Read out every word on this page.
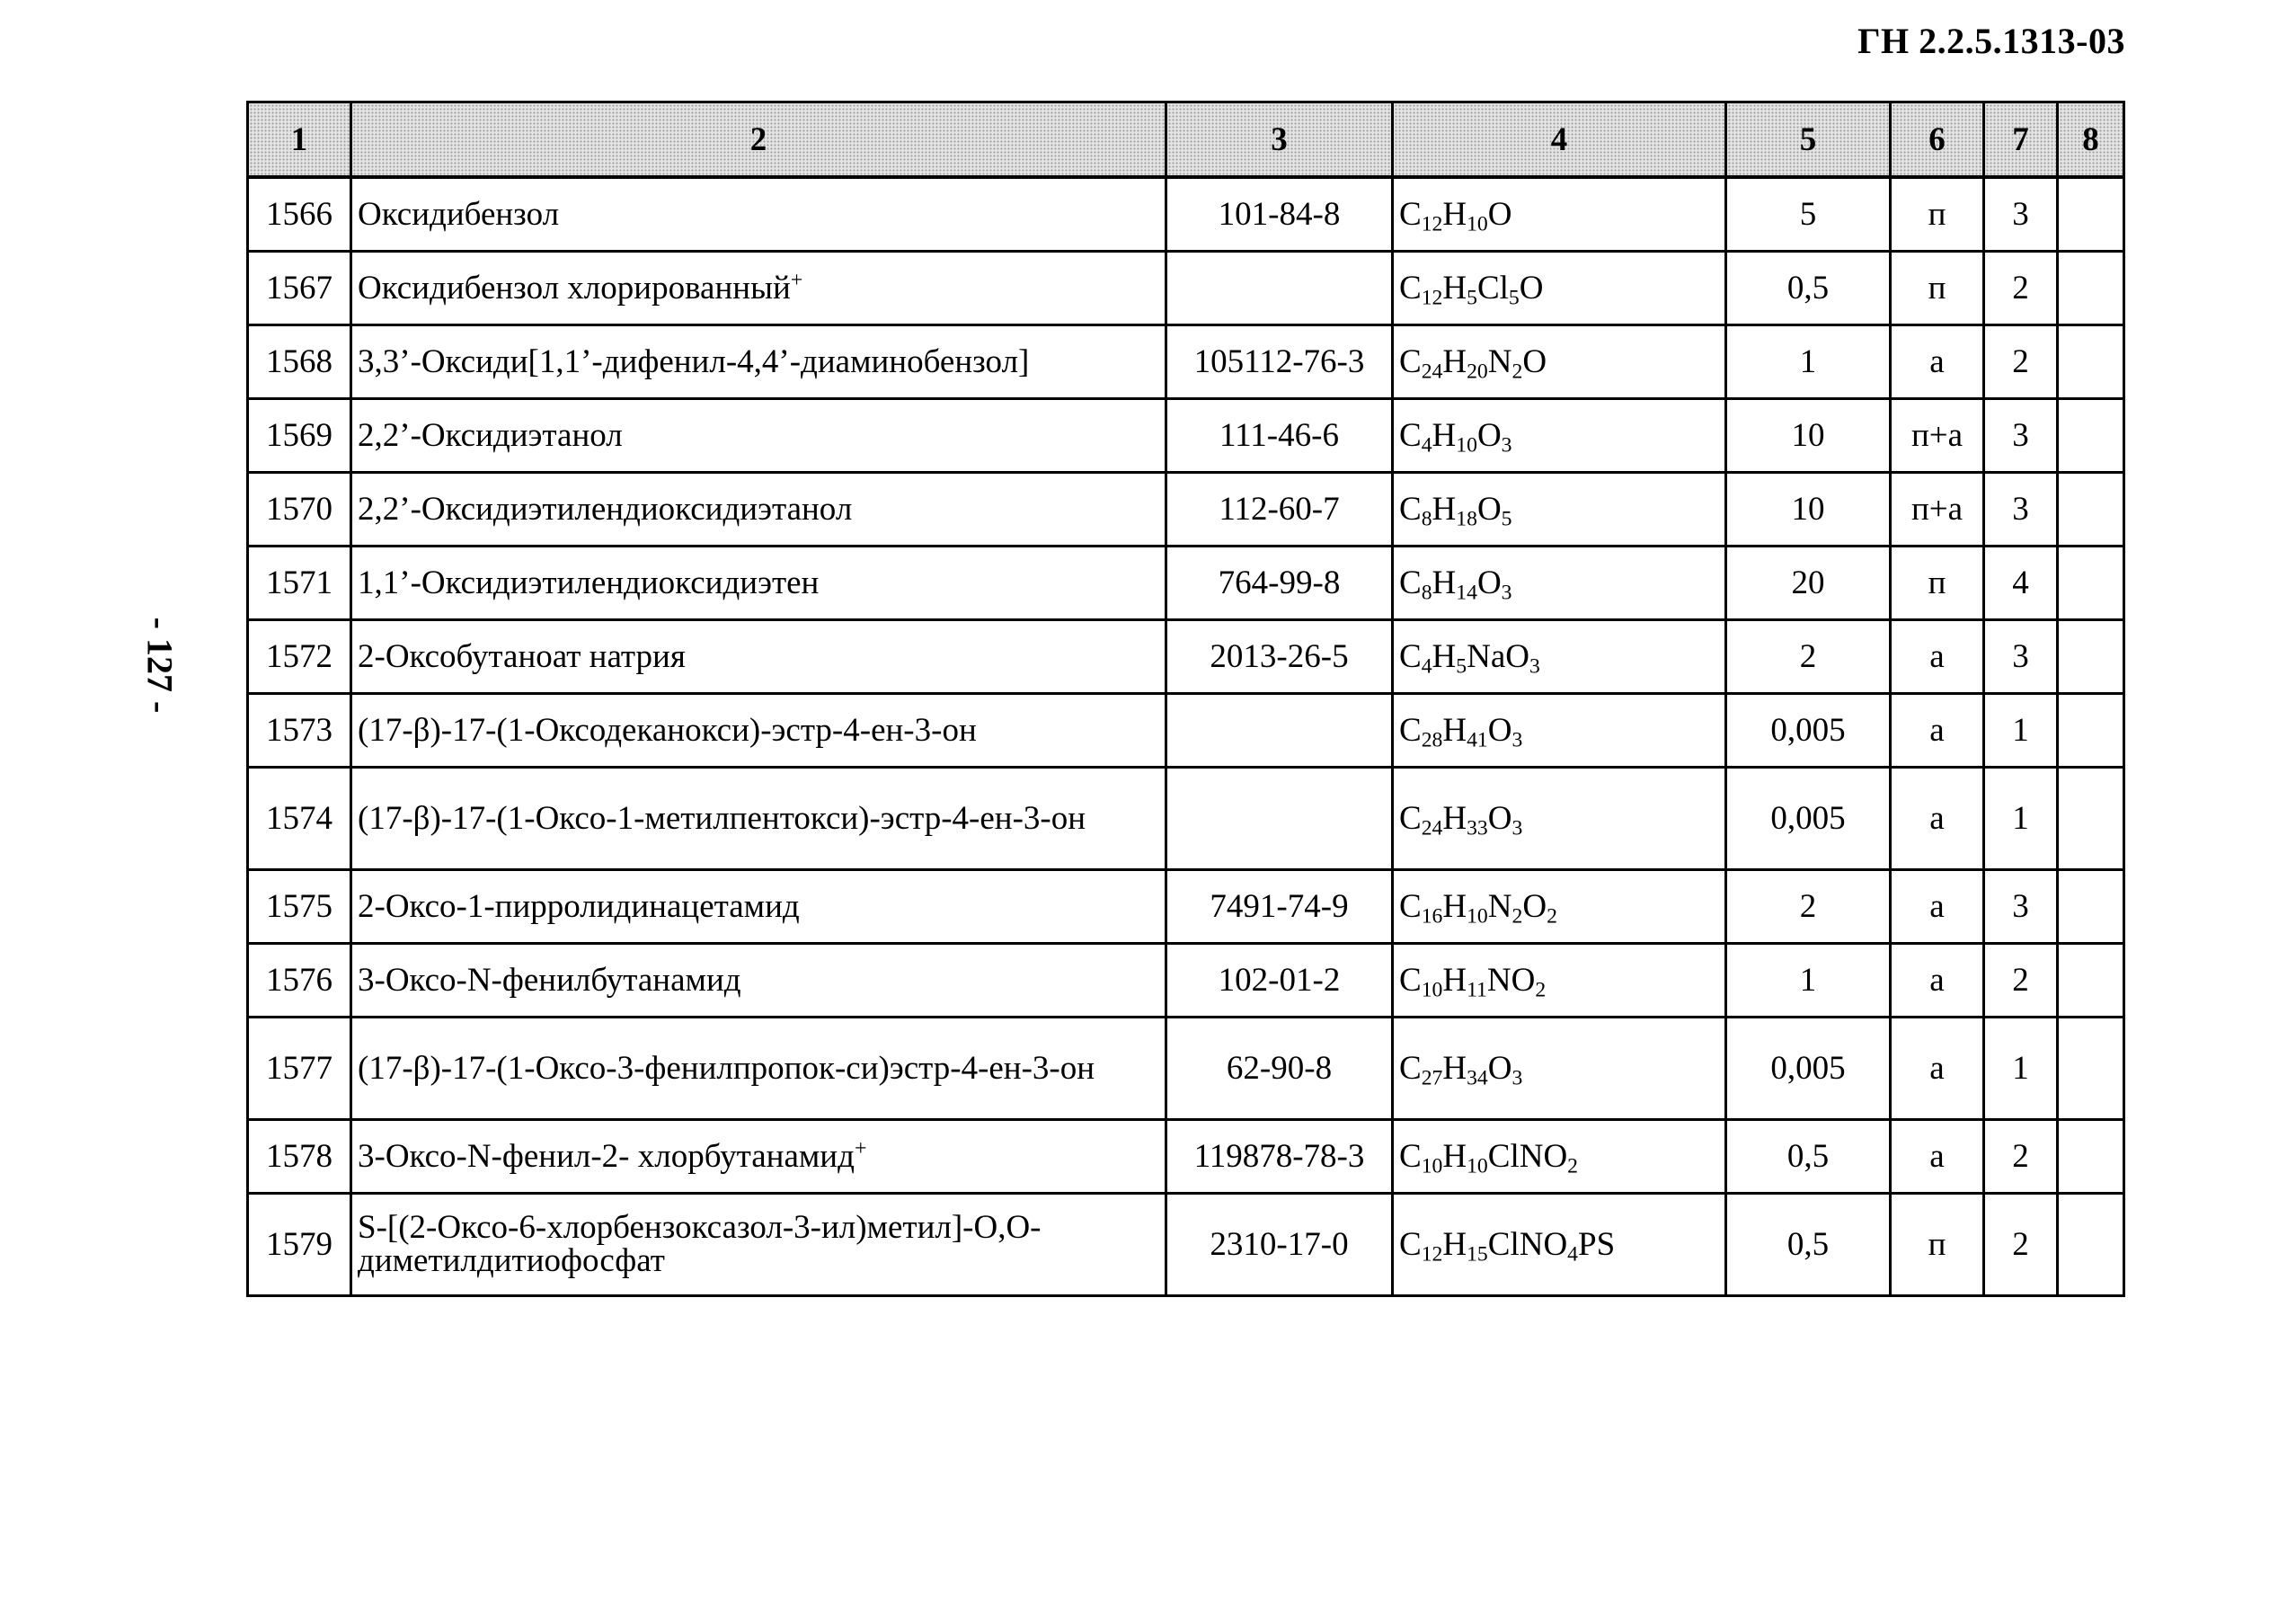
ГН 2.2.5.1313-03
- 127 -
1	2	3	4	5	6	7	8
1566	Оксидибензол	101-84-8	$C_{12}H_{10}O$	5	п	3	
1567	Оксидибензол хлорированный+		$C_{12}H_5Cl_5O$	0,5	п	2	
1568	3,3’-Оксиди[1,1’-дифенил-4,4’-диаминобензол]	105112-76-3	$C_{24}H_{20}N_2O$	1	а	2	
1569	2,2’-Оксидиэтанол	111-46-6	$C_4H_{10}O_3$	10	п+а	3	
1570	2,2’-Оксидиэтилендиоксидиэтанол	112-60-7	$C_8H_{18}O_5$	10	п+а	3	
1571	1,1’-Оксидиэтилендиоксидиэтен	764-99-8	$C_8H_{14}O_3$	20	п	4	
1572	2-Оксобутаноат натрия	2013-26-5	$C_4H_5NaO_3$	2	а	3	
1573	(17-β)-17-(1-Оксодеканокси)-эстр-4-ен-3-он		$C_{28}H_{41}O_3$	0,005	а	1	
1574	(17-β)-17-(1-Оксо-1-метилпентокси)-эстр-4-ен-3-он		$C_{24}H_{33}O_3$	0,005	а	1	
1575	2-Оксо-1-пирролидинацетамид	7491-74-9	$C_{16}H_{10}N_2O_2$	2	а	3	
1576	3-Оксо-N-фенилбутанамид	102-01-2	$C_{10}H_{11}NO_2$	1	а	2	
1577	(17-β)-17-(1-Оксо-3-фенилпропок-си)эстр-4-ен-3-он	62-90-8	$C_{27}H_{34}O_3$	0,005	а	1	
1578	3-Оксо-N-фенил-2- хлорбутанамид+	119878-78-3	$C_{10}H_{10}ClNO_2$	0,5	а	2	
1579	S-[(2-Оксо-6-хлорбензоксазол-3-ил)метил]-О,О-диметилдитиофосфат	2310-17-0	$C_{12}H_{15}ClNO_4PS$	0,5	п	2	
